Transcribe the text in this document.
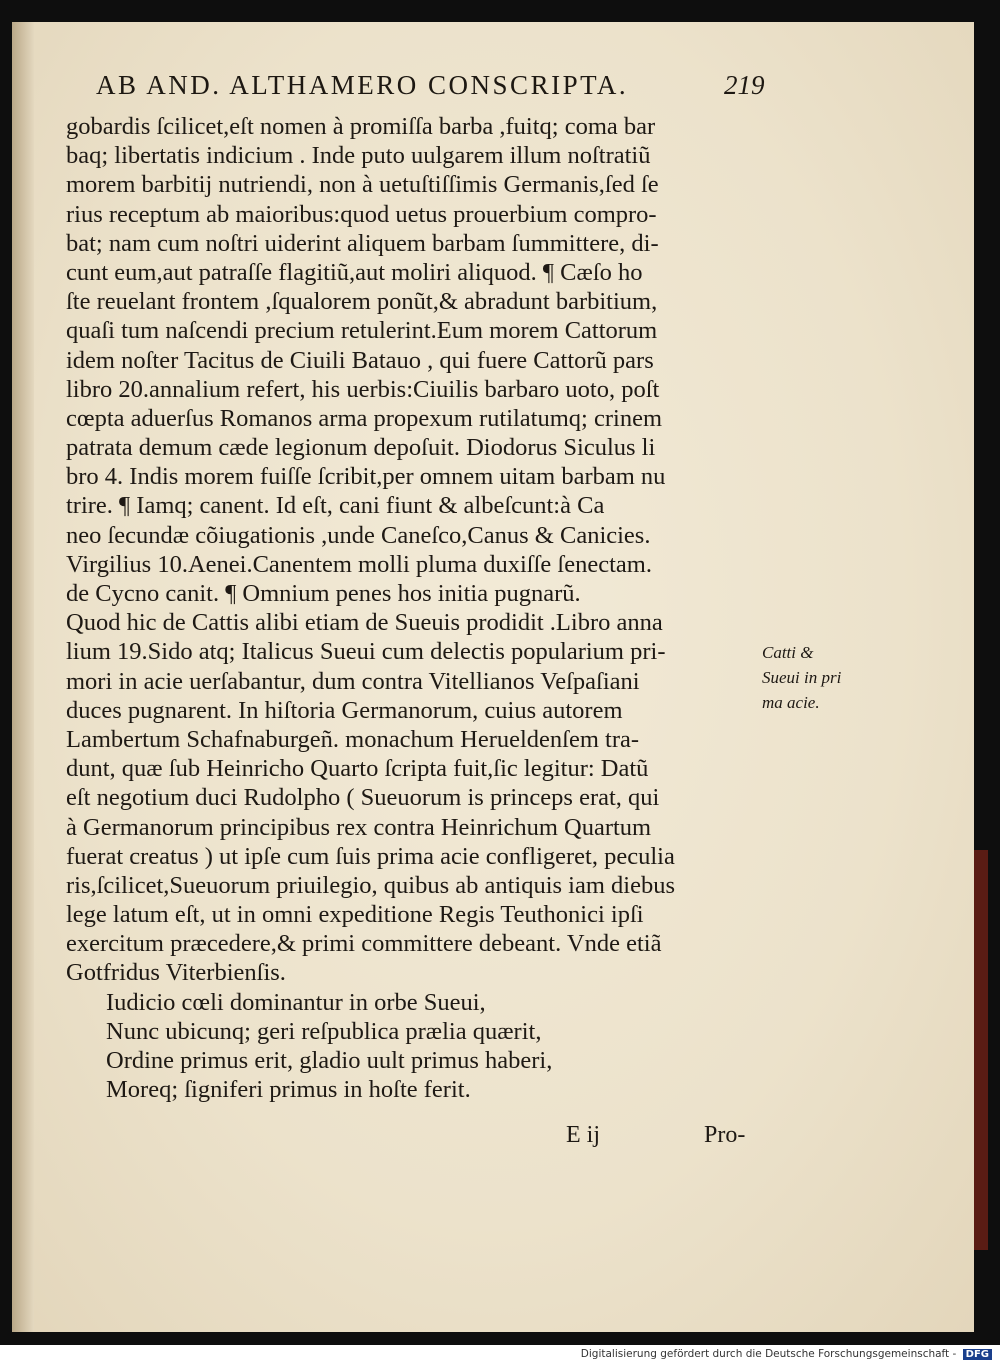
AB AND. ALTHAMERO CONSCRIPTA.	219
gobardis ſcilicet,eſt nomen à promiſſa barba ,fuitq; coma bar
baq; libertatis indicium . Inde puto uulgarem illum noſtratiũ
morem barbitij nutriendi, non à uetuſtiſſimis Germanis,ſed ſe
rius receptum ab maioribus:quod uetus prouerbium compro-
bat; nam cum noſtri uiderint aliquem barbam ſummittere, di-
cunt eum,aut patraſſe flagitiũ,aut moliri aliquod. ¶ Cæſo ho
ſte reuelant frontem ,ſqualorem ponũt,& abradunt barbitium,
quaſi tum naſcendi precium retulerint.Eum morem Cattorum
idem noſter Tacitus de Ciuili Batauo , qui fuere Cattorũ pars
libro 20.annalium refert, his uerbis:Ciuilis barbaro uoto, poſt
cœpta aduerſus Romanos arma propexum rutilatumq; crinem
patrata demum cæde legionum depoſuit. Diodorus Siculus li
bro 4. Indis morem fuiſſe ſcribit,per omnem uitam barbam nu
trire. ¶ Iamq; canent. Id eſt, cani fiunt & albeſcunt:à Ca
neo ſecundæ cõiugationis ,unde Caneſco,Canus & Canicies.
Virgilius 10.Aenei.Canentem molli pluma duxiſſe ſenectam.
de Cycno canit. ¶ Omnium penes hos initia pugnarũ.
Quod hic de Cattis alibi etiam de Sueuis prodidit .Libro anna
lium 19.Sido atq; Italicus Sueui cum delectis popularium pri-
mori in acie uerſabantur, dum contra Vitellianos Veſpaſiani
duces pugnarent. In hiſtoria Germanorum, cuius autorem
Lambertum Schafnaburgeñ. monachum Herueldenſem tra-
dunt, quæ ſub Heinricho Quarto ſcripta fuit,ſic legitur: Datũ
eſt negotium duci Rudolpho ( Sueuorum is princeps erat, qui
à Germanorum principibus rex contra Heinrichum Quartum
fuerat creatus ) ut ipſe cum ſuis prima acie confligeret, peculia
ris,ſcilicet,Sueuorum priuilegio, quibus ab antiquis iam diebus
lege latum eſt, ut in omni expeditione Regis Teuthonici ipſi
exercitum præcedere,& primi committere debeant. Vnde etiã
Gotfridus Viterbienſis.
Iudicio cœli dominantur in orbe Sueui,
Nunc ubicunq; geri reſpublica prælia quærit,
Ordine primus erit, gladio uult primus haberi,
Moreq; ſigniferi primus in hoſte ferit.
Catti &
Sueui in pri
ma acie.
E ij	Pro-
Digitalisierung gefördert durch die Deutsche Forschungsgemeinschaft - DFG
